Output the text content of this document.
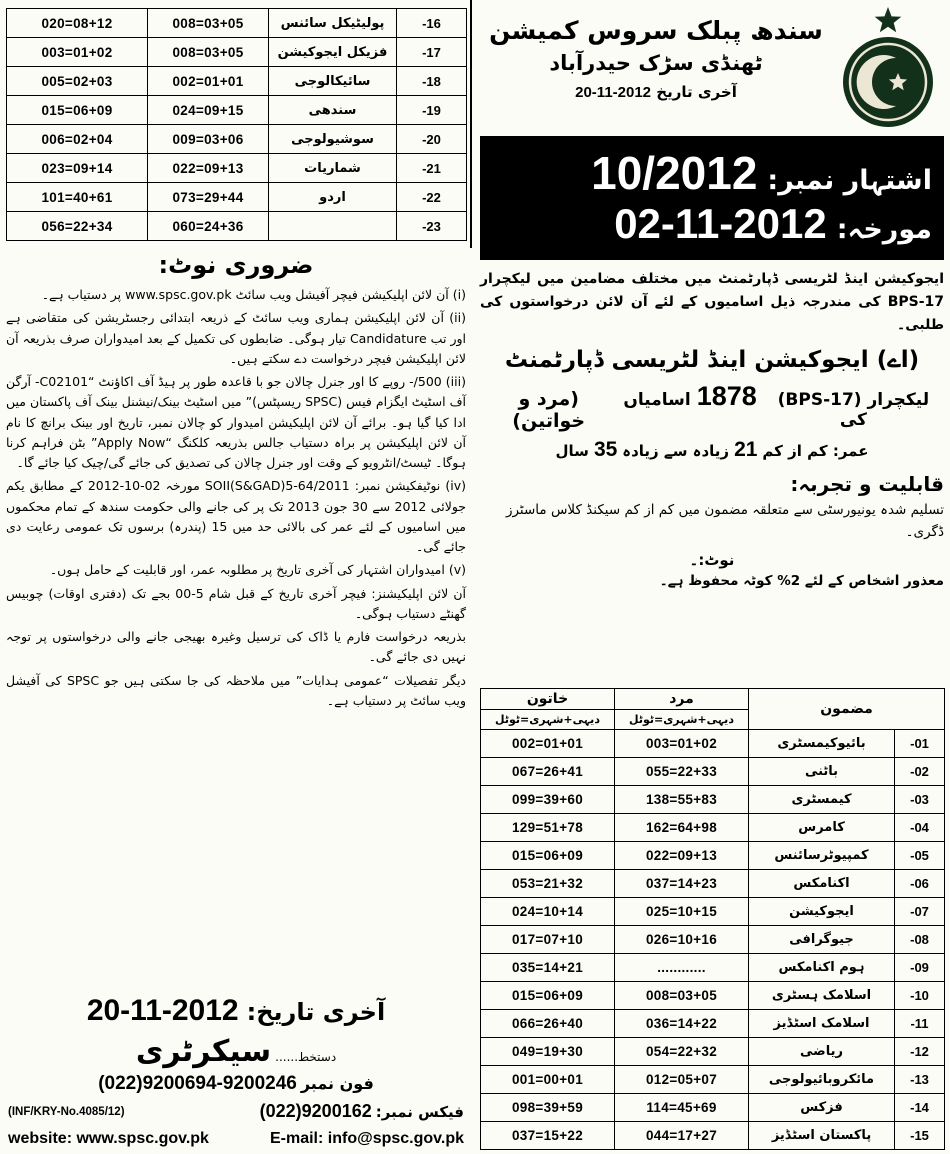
-16	پولیٹیکل سائنس	008=03+05	020=08+12
-17	فزیکل ایجوکیشن	008=03+05	003=01+02
-18	سائیکالوجی	002=01+01	005=02+03
-19	سندھی	024=09+15	015=06+09
-20	سوشیولوجی	009=03+06	006=02+04
-21	شماریات	022=09+13	023=09+14
-22	اردو	073=29+44	101=40+61
-23		060=24+36	056=22+34
ضروری نوٹ:

(i) آن لائن اپلیکیشن فیچر آفیشل ویب سائٹ www.spsc.gov.pk پر دستیاب ہے۔

(ii) آن لائن اپلیکیشن ہماری ویب سائٹ کے ذریعہ ابتدائی رجسٹریشن کی متقاضی ہے اور تب Candidature تیار ہوگی۔ ضابطوں کی تکمیل کے بعد امیدواران صرف بذریعہ آن لائن اپلیکیشن فیچر درخواست دے سکتے ہیں۔

(iii) 500/- روپے کا اور جنرل چالان جو با قاعدہ طور پر ہیڈ آف اکاؤنٹ “C02101- آرگن آف اسٹیٹ ایگزام فیس (SPSC ریسپٹس)” میں اسٹیٹ بینک/نیشنل بینک آف پاکستان میں ادا کیا گیا ہو۔ برائے آن لائن اپلیکیشن امیدوار کو چالان نمبر، تاریخ اور بینک برانچ کا نام آن لائن اپلیکیشن پر براہ دستیاب جالس بذریعہ کلکنگ “Apply Now” بٹن فراہم کرنا ہوگا۔ ٹیسٹ/انٹرویو کے وقت اور جنرل چالان کی تصدیق کی جائے گی/چیک کیا جائے گا۔

(iv) نوٹیفکیشن نمبر: SOII(S&GAD)5-64/2011 مورخہ 02-10-2012 کے مطابق یکم جولائی 2012 سے 30 جون 2013 تک پر کی جانے والی حکومت سندھ کے تمام محکموں میں اسامیوں کے لئے عمر کی بالائی حد میں 15 (پندرہ) برسوں تک عمومی رعایت دی جائے گی۔

(v) امیدواران اشتہار کی آخری تاریخ پر مطلوبہ عمر، اور قابلیت کے حامل ہوں۔

آن لائن اپلیکیشنز: فیچر آخری تاریخ کے قبل شام 5-00 بجے تک (دفتری اوقات) چوبیس گھنٹے دستیاب ہوگی۔

بذریعہ درخواست فارم یا ڈاک کی ترسیل وغیرہ بھیجی جانے والی درخواستوں پر توجہ نہیں دی جائے گی۔

دیگر تفصیلات “عمومی ہدایات” میں ملاحظہ کی جا سکتی ہیں جو SPSC کی آفیشل ویب سائٹ پر دستیاب ہے۔

آخری تاریخ:
20-11-2012
دستخط......
سیکرٹری
فون نمبر
(022)9200694-9200246
(INF/KRY-No.4085/12)	فیکس نمبر:
(022)9200162
website: www.spsc.gov.pk	E-mail: info@spsc.gov.pk
سندھ پبلک سروس کمیشن
ٹھنڈی سڑک حیدرآباد
آخری تاریخ 20-11-2012
اشتہار نمبر:
10/2012
مورخہ:
02-11-2012

ایجوکیشن اینڈ لٹریسی ڈپارٹمنٹ میں مختلف مضامین میں لیکچرار BPS-17 کی مندرجہ ذیل اسامیوں کے لئے آن لائن درخواستوں کی طلبی۔

(اے) ایجوکیشن اینڈ لٹریسی ڈپارٹمنٹ
لیکچرار (BPS-17) کی
1878
اسامیاں
(مرد و خواتین)
عمر: کم از کم
21
زیادہ سے زیادہ
35
سال
قابلیت و تجربہ:

تسلیم شدہ یونیورسٹی سے متعلقہ مضمون میں کم از کم سیکنڈ کلاس ماسٹرز ڈگری۔

نوٹ:۔
معذور اشخاص کے لئے 2% کوٹہ محفوظ ہے۔
مضمون		مرد	خاتون
		دیہی+شہری=ٹوٹل	دیہی+شہری=ٹوٹل
-01	بائیوکیمسٹری	003=01+02	002=01+01
-02	باٹنی	055=22+33	067=26+41
-03	کیمسٹری	138=55+83	099=39+60
-04	کامرس	162=64+98	129=51+78
-05	کمپیوٹرسائنس	022=09+13	015=06+09
-06	اکنامکس	037=14+23	053=21+32
-07	ایجوکیشن	025=10+15	024=10+14
-08	جیوگرافی	026=10+16	017=07+10
-09	ہوم اکنامکس	............	035=14+21
-10	اسلامک ہسٹری	008=03+05	015=06+09
-11	اسلامک اسٹڈیز	036=14+22	066=26+40
-12	ریاضی	054=22+32	049=19+30
-13	مائکروبائیولوجی	012=05+07	001=00+01
-14	فزکس	114=45+69	098=39+59
-15	پاکستان اسٹڈیز	044=17+27	037=15+22
